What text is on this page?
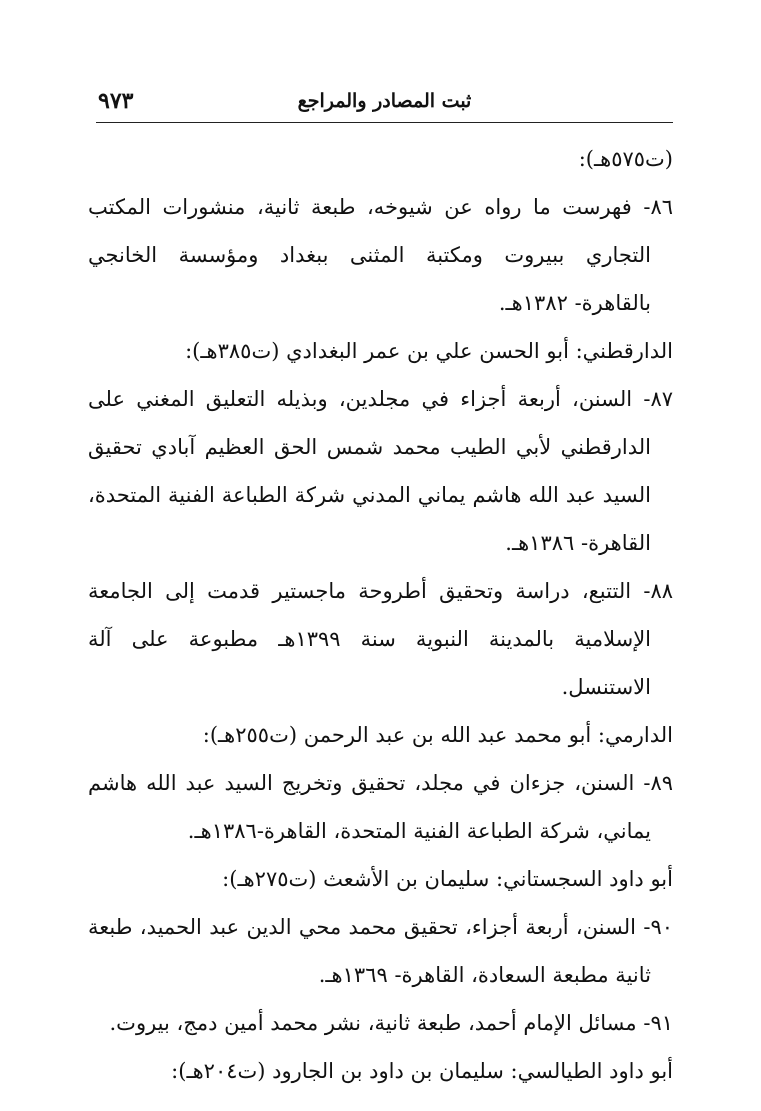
ثبت المصادر والمراجع
٩٧٣
(ت٥٧٥هـ):
٨٦- فهرست ما رواه عن شيوخه، طبعة ثانية، منشورات المكتب
التجاري ببيروت ومكتبة المثنى ببغداد ومؤسسة الخانجي
بالقاهرة- ١٣٨٢هـ.
الدارقطني: أبو الحسن علي بن عمر البغدادي (ت٣٨٥هـ):
٨٧- السنن، أربعة أجزاء في مجلدين، وبذيله التعليق المغني على
الدارقطني لأبي الطيب محمد شمس الحق العظيم آبادي تحقيق
السيد عبد الله هاشم يماني المدني شركة الطباعة الفنية المتحدة،
القاهرة- ١٣٨٦هـ.
٨٨- التتبع، دراسة وتحقيق أطروحة ماجستير قدمت إلى الجامعة
الإسلامية بالمدينة النبوية سنة ١٣٩٩هـ مطبوعة على آلة
الاستنسل.
الدارمي: أبو محمد عبد الله بن عبد الرحمن (ت٢٥٥هـ):
٨٩- السنن، جزءان في مجلد، تحقيق وتخريج السيد عبد الله هاشم
يماني، شركة الطباعة الفنية المتحدة، القاهرة-١٣٨٦هـ.
أبو داود السجستاني: سليمان بن الأشعث (ت٢٧٥هـ):
٩٠- السنن، أربعة أجزاء، تحقيق محمد محي الدين عبد الحميد، طبعة
ثانية مطبعة السعادة، القاهرة- ١٣٦٩هـ.
٩١- مسائل الإمام أحمد، طبعة ثانية، نشر محمد أمين دمج، بيروت.
أبو داود الطيالسي: سليمان بن داود بن الجارود (ت٢٠٤هـ):
